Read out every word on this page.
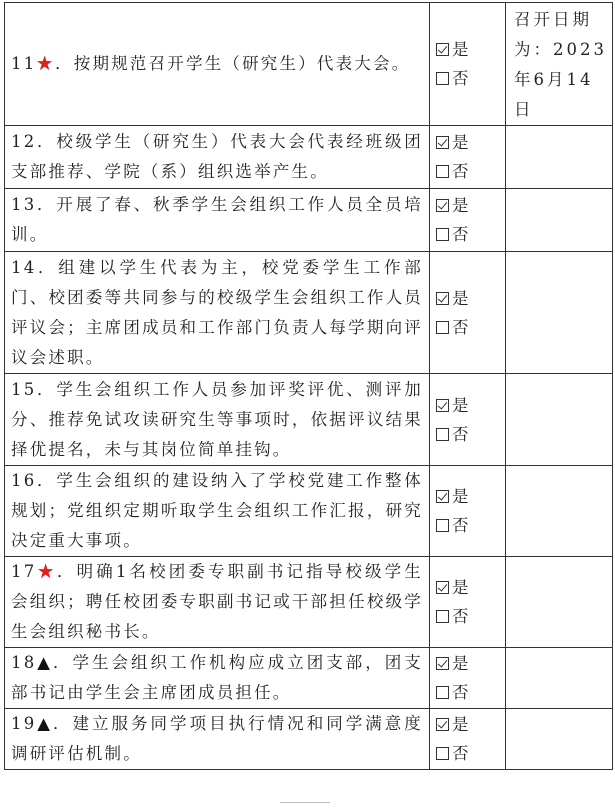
11★．按期规范召开学生（研究生）代表大会。	是
否	召开日期为：2023年6月14日
12．校级学生（研究生）代表大会代表经班级团支部推荐、学院（系）组织选举产生。	是
否	

13．开展了春、秋季学生会组织工作人员全员培训。	是
否	

14．组建以学生代表为主，校党委学生工作部门、校团委等共同参与的校级学生会组织工作人员评议会；主席团成员和工作部门负责人每学期向评议会述职。	是
否	

15．学生会组织工作人员参加评奖评优、测评加分、推荐免试攻读研究生等事项时，依据评议结果择优提名，未与其岗位简单挂钩。	是
否	

16．学生会组织的建设纳入了学校党建工作整体规划；党组织定期听取学生会组织工作汇报，研究决定重大事项。	是
否	

17★．明确1名校团委专职副书记指导校级学生会组织；聘任校团委专职副书记或干部担任校级学生会组织秘书长。	是
否	

18▲．学生会组织工作机构应成立团支部，团支部书记由学生会主席团成员担任。	是
否	

19▲．建立服务同学项目执行情况和同学满意度调研评估机制。	是
否	
